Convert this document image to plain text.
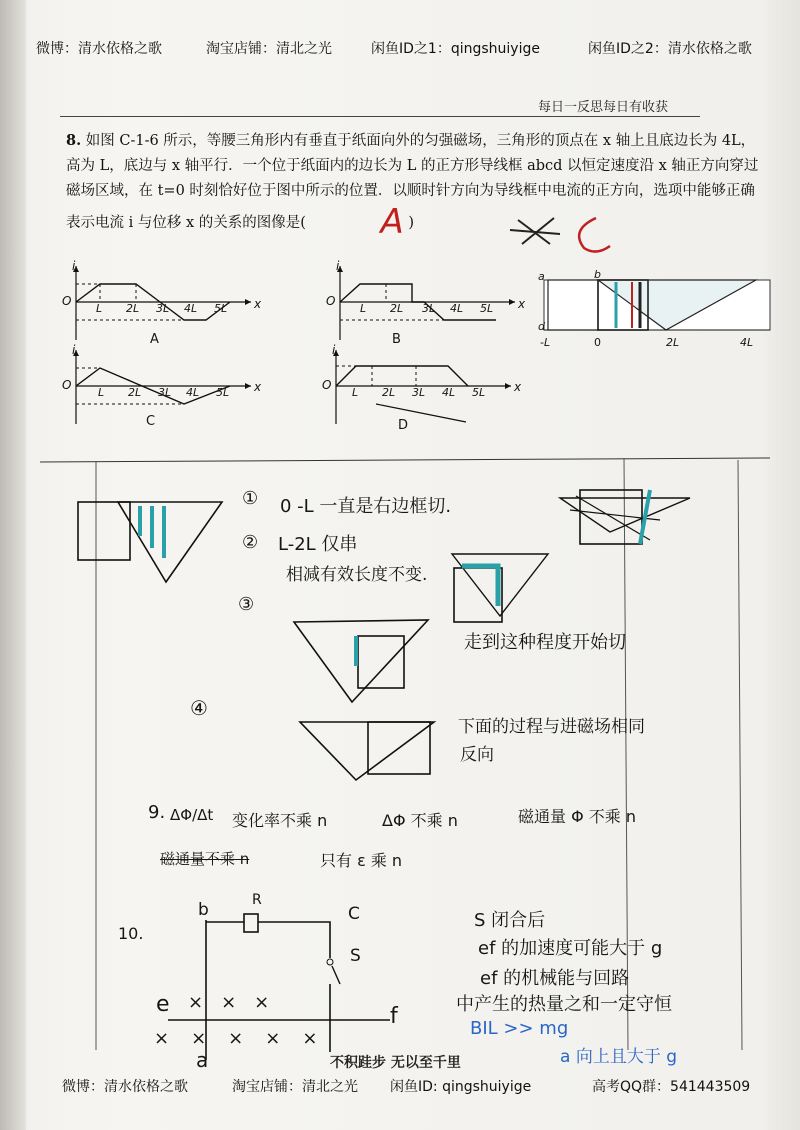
微博：清水依格之歌	淘宝店铺：清北之光	闲鱼ID之1：qingshuiyige	闲鱼ID之2：清水依格之歌
每日一反思每日有收获
8. 如图 C-1-6 所示，等腰三角形内有垂直于纸面向外的匀强磁场，三角形的顶点在 x 轴上且底边长为 4L，高为 L，底边与 x 轴平行．一个位于纸面内的边长为 L 的正方形导线框 abcd 以恒定速度沿 x 轴正方向穿过磁场区域，在 t=0 时刻恰好位于图中所示的位置．以顺时针方向为导线框中电流的正方向，选项中能够正确表示电流 i 与位移 x 的关系的图像是( A )
i
x
O
L 2L 3L 4L 5L
A
i
x
O
L 2L 3L 4L 5L
B
i
x
O
L 2L 3L 4L 5L
C
i
x
O
L 2L 3L 4L 5L
D
a	b
d
-L	0	2L	4L
① 0 -L 一直是右边框切.
② L-2L 仅串
相减有效长度不变.
③
走到这种程度开始切
④
下面的过程与进磁场相同
反向
9. ΔΦ/Δt 变化率不乘 n	ΔΦ 不乘 n	磁通量 Φ 不乘 n
磁通量不乘 n	只有 ε 乘 n
10.
b	R
C
S
e	f
a
×××
×××××
S 闭合后
ef 的加速度可能大于 g
ef 的机械能与回路
中产生的热量之和一定守恒
BIL >> mg
a 向上且大于 g
不积跬步 无以至千里
微博：清水依格之歌	淘宝店铺：清北之光 闲鱼ID: qingshuiyige	高考QQ群：541443509
